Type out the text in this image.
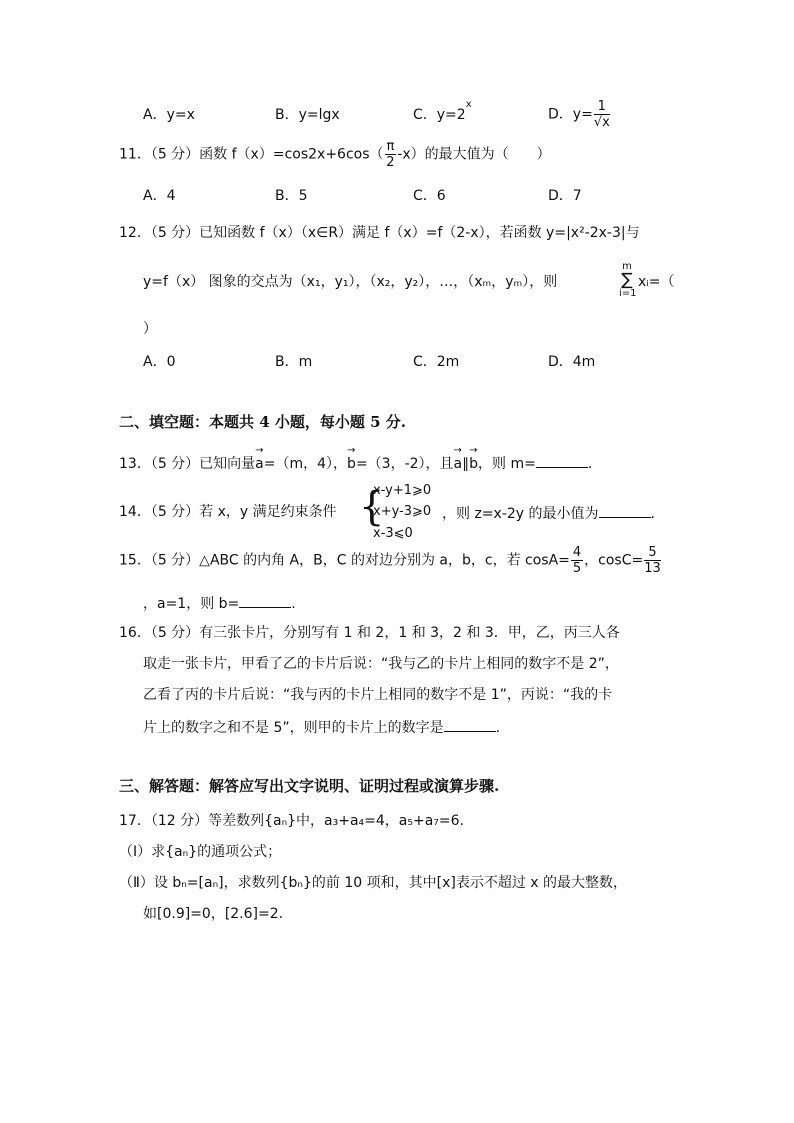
A．y=x	B．y=lgx	C．$y=2^x$
D．$y= \frac{1}{√x}$
11．（5 分）函数 $f(x)=\cos 2x+6\cos( \frac{\pi}{2} -x)$的最大值为（　　）
A．4	B．5	C．6	D．7
12．（5 分）已知函数 f（x）（x∈R）满足 f（x）=f（2-x），若函数 y=|x²-2x-3|与
y=f（x） 图象的交点为（x₁，y₁），（x₂，y₂），…，（xₘ，yₘ），则
m
∑
i=1
xᵢ=（
）
A．0	B．m	C．2m	D．4m
二、填空题：本题共 4 小题，每小题 5 分.
13．（5 分）已知向量→ a=（m，4），→ b=（3，-2），且→ a∥→ b，则 m=	.
14．（5 分）若 x，y 满足约束条件 {
x-y+1⩾0
x+y-3⩾0
x-3⩽0
，则 z=x-2y 的最小值为	.
15．（5 分）△ABC 的内角 A，B，C 的对边分别为 a，b，c，若 $\cos A= \frac{4}{5}$ ，$\cos C= \frac{5}{13}$
，a=1，则 b=	.
16．（5 分）有三张卡片，分别写有 1 和 2，1 和 3，2 和 3．甲，乙，丙三人各
取走一张卡片，甲看了乙的卡片后说：“我与乙的卡片上相同的数字不是 2”，
乙看了丙的卡片后说：“我与丙的卡片上相同的数字不是 1”，丙说：“我的卡
片上的数字之和不是 5”，则甲的卡片上的数字是	.
三、解答题：解答应写出文字说明、证明过程或演算步骤.
17．（12 分）等差数列{aₙ}中，a₃+a₄=4，a₅+a₇=6.
（Ⅰ）求{aₙ}的通项公式；
（Ⅱ）设 bₙ=[aₙ]，求数列{bₙ}的前 10 项和，其中[x]表示不超过 x 的最大整数，
如[0.9]=0，[2.6]=2.
